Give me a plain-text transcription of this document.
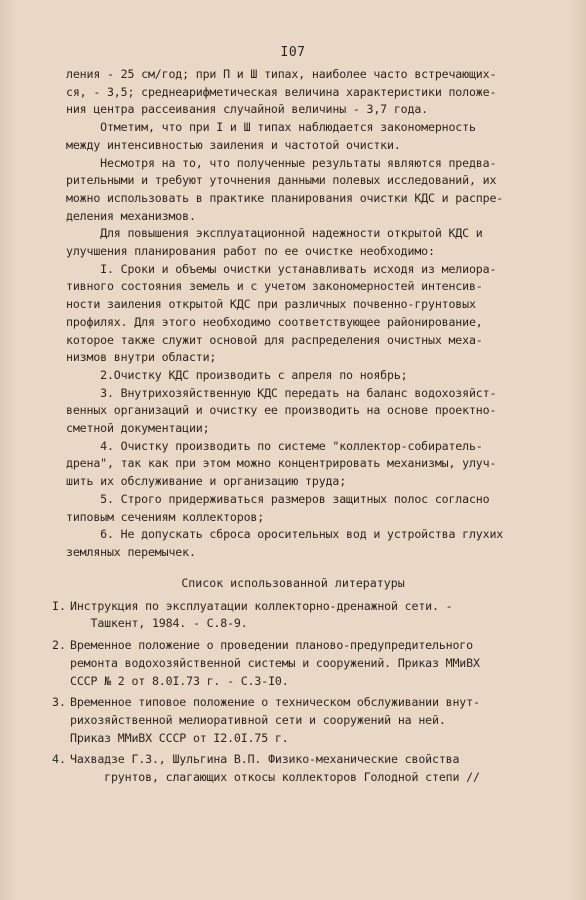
I07
ления - 25 см/год; при П и Ш типах, наиболее часто встречающих-
ся, - 3,5; среднеарифметическая величина характеристики положе-
ния центра рассеивания случайной величины - 3,7 года.
Отметим, что при I и Ш типах наблюдается закономерность
между интенсивностью заиления и частотой очистки.
Несмотря на то, что полученные результаты являются предва-
рительными и требуют уточнения данными полевых исследований, их
можно использовать в практике планирования очистки КДС и распре-
деления механизмов.
Для повышения эксплуатационной надежности открытой КДС и
улучшения планирования работ по ее очистке необходимо:
I. Сроки и объемы очистки устанавливать исходя из мелиора-
тивного состояния земель и с учетом закономерностей интенсив-
ности заиления открытой КДС при различных почвенно-грунтовых
профилях. Для этого необходимо соответствующее районирование,
которое также служит основой для распределения очистных меха-
низмов внутри области;
2.Очистку КДС производить с апреля по ноябрь;
3. Внутрихозяйственную КДС передать на баланс водохозяйст-
венных организаций и очистку ее производить на основе проектно-
сметной документации;
4. Очистку производить по системе "коллектор-собиратель-
дрена", так как при этом можно концентрировать механизмы, улуч-
шить их обслуживание и организацию труда;
5. Строго придерживаться размеров защитных полос согласно
типовым сечениям коллекторов;
6. Не допускать сброса оросительных вод и устройства глухих
земляных перемычек.
Список использованной литературы
I. Инструкция по эксплуатации коллекторно-дренажной сети. -
Ташкент, 1984. - С.8-9.
2. Временное положение о проведении планово-предупредительного
ремонта водохозяйственной системы и сооружений. Приказ ММиВХ
СССР № 2 от 8.0I.73 г. - С.3-I0.
3. Временное типовое положение о техническом обслуживании внут-
рихозяйственной мелиоративной сети и сооружений на ней.
Приказ ММиВХ СССР от I2.0I.75 г.
4. Чахвадзе Г.З., Шульгина В.П. Физико-механические свойства
грунтов, слагающих откосы коллекторов Голодной степи //
